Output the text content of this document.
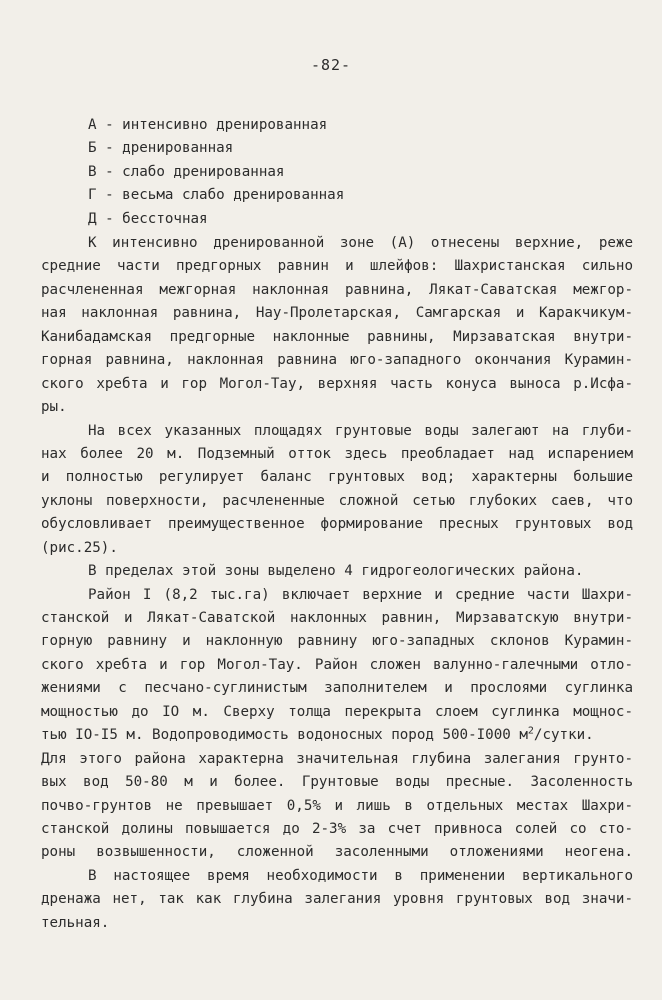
-82-
А - интенсивно дренированная
Б - дренированная
В - слабо дренированная
Г - весьма слабо дренированная
Д - бессточная
К интенсивно дренированной зоне (А) отнесены верхние, реже
средние части предгорных равнин и шлейфов: Шахристанская сильно
расчлененная межгорная наклонная равнина, Лякат-Саватская межгор-
ная наклонная равнина, Нау-Пролетарская, Самгарская и Каракчикум-
Канибадамская предгорные наклонные равнины, Мирзаватская внутри-
горная равнина, наклонная равнина юго-западного окончания Курамин-
ского хребта и гор Могол-Тау, верхняя часть конуса выноса р.Исфа-
ры.
На всех указанных площадях грунтовые воды залегают на глуби-
нах более 20 м. Подземный отток здесь преобладает над испарением
и полностью регулирует баланс грунтовых вод; характерны большие
уклоны поверхности, расчлененные сложной сетью глубоких саев, что
обусловливает преимущественное формирование пресных грунтовых вод
(рис.25).
В пределах этой зоны выделено 4 гидрогеологических района.
Район I (8,2 тыс.га) включает верхние и средние части Шахри-
станской и Лякат-Саватской наклонных равнин, Мирзаватскую внутри-
горную равнину и наклонную равнину юго-западных склонов Курамин-
ского хребта и гор Могол-Тау. Район сложен валунно-галечными отло-
жениями с песчано-суглинистым заполнителем и прослоями суглинка
мощностью до IO м. Сверху толща перекрыта слоем суглинка мощнос-
тью IO-I5 м. Водопроводимость водоносных пород 500-I000 $м^2$/сутки.
Для этого района характерна значительная глубина залегания грунто-
вых вод 50-80 м и более. Грунтовые воды пресные. Засоленность
почво-грунтов не превышает 0,5% и лишь в отдельных местах Шахри-
станской долины повышается до 2-3% за счет привноса солей со сто-
роны возвышенности, сложенной засоленными отложениями неогена.
В настоящее время необходимости в применении вертикального
дренажа нет, так как глубина залегания уровня грунтовых вод значи-
тельная.
